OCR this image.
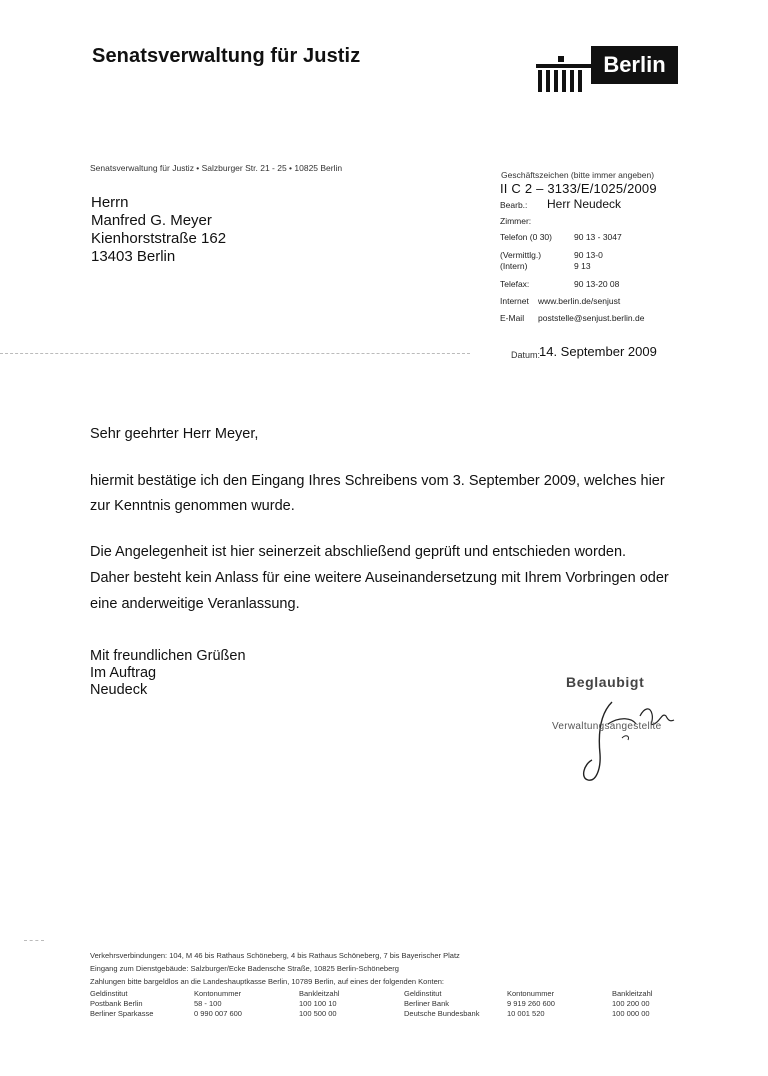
Senatsverwaltung für Justiz	Berlin
Senatsverwaltung für Justiz • Salzburger Str. 21 - 25 • 10825 Berlin
Herrn
Manfred G. Meyer
Kienhorststraße 162
13403 Berlin
Geschäftszeichen (bitte immer angeben)
II C 2 – 3133/E/1025/2009
Bearb.: Herr Neudeck
Zimmer:
Telefon (0 30)	90 13 - 3047
(Vermittlg.)	90 13-0
(Intern)	9 13
Telefax:	90 13-20 08
Internet www.berlin.de/senjust
E-Mail poststelle@senjust.berlin.de
Datum:
14. September 2009
Sehr geehrter Herr Meyer,
hiermit bestätige ich den Eingang Ihres Schreibens vom 3. September 2009, welches hier
zur Kenntnis genommen wurde.
Die Angelegenheit ist hier seinerzeit abschließend geprüft und entschieden worden.
Daher besteht kein Anlass für eine weitere Auseinandersetzung mit Ihrem Vorbringen oder
eine anderweitige Veranlassung.
Mit freundlichen Grüßen
Im Auftrag
Neudeck	Beglaubigt
Verwaltungsangestellte
Verkehrsverbindungen: 104, M 46 bis Rathaus Schöneberg, 4 bis Rathaus Schöneberg, 7 bis Bayerischer Platz
Eingang zum Dienstgebäude: Salzburger/Ecke Badensche Straße, 10825 Berlin-Schöneberg
Zahlungen bitte bargeldlos an die Landeshauptkasse Berlin, 10789 Berlin, auf eines der folgenden Konten:
Geldinstitut	Kontonummer	Bankleitzahl	Geldinstitut	Kontonummer	Bankleitzahl
Postbank Berlin	58 - 100	100 100 10	Berliner Bank	9 919 260 600	100 200 00
Berliner Sparkasse	0 990 007 600	100 500 00	Deutsche Bundesbank	10 001 520	100 000 00
